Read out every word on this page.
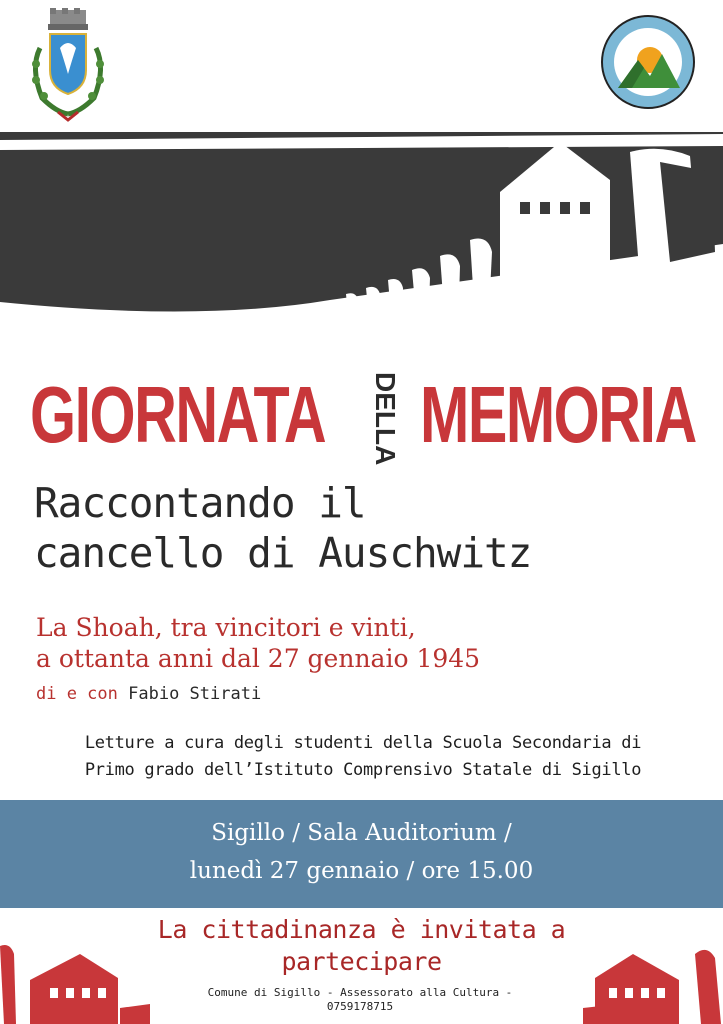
GIORNATA DELLA MEMORIA
Raccontando il
cancello di Auschwitz
La Shoah, tra vincitori e vinti,
a ottanta anni dal 27 gennaio 1945
di e con Fabio Stirati
Letture a cura degli studenti della Scuola Secondaria di
Primo grado dell’Istituto Comprensivo Statale di Sigillo
Sigillo / Sala Auditorium /
lunedì 27 gennaio / ore 15.00
La cittadinanza è invitata a
partecipare
Comune di Sigillo - Assessorato alla Cultura -
0759178715
